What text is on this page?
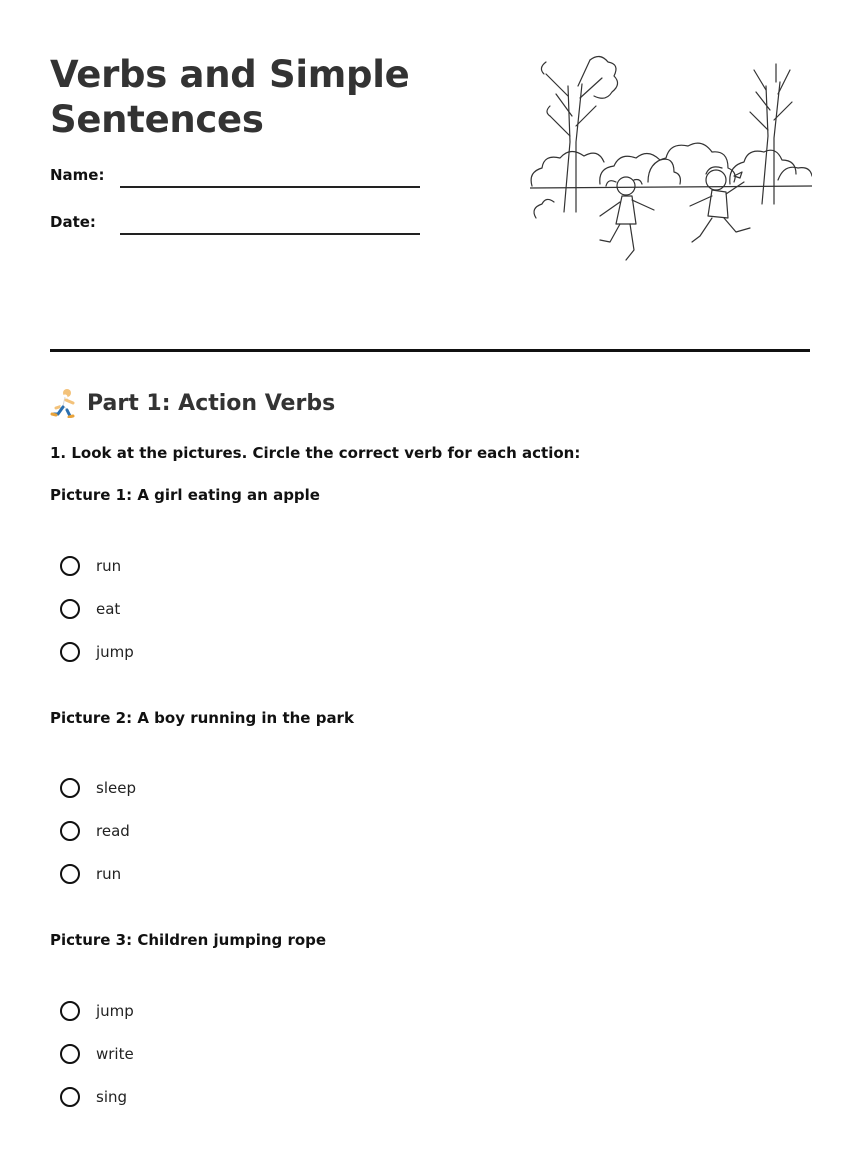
Verbs and Simple
Sentences
Name:
Date:
Part 1: Action Verbs
1. Look at the pictures. Circle the correct verb for each action:
Picture 1: A girl eating an apple
run
eat
jump
Picture 2: A boy running in the park
sleep
read
run
Picture 3: Children jumping rope
jump
write
sing
